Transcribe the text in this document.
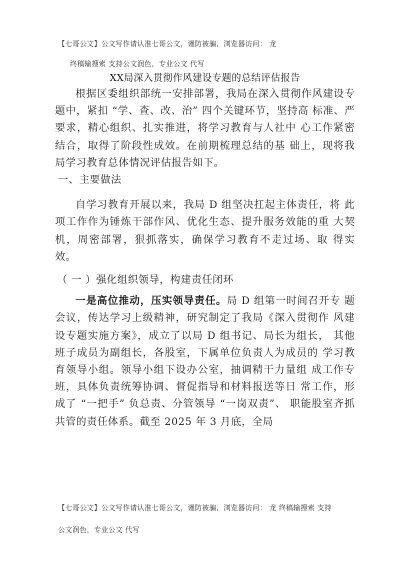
【七哥公文】公文写作请认准七哥公文，谨防被骗，浏览器访问： 龙
终稿输搜索 支持公文润色，专业公文 代写
XX局深入贯彻作风建设专题的总结评估报告

根据区委组织部统一安排部署，我局在深入贯彻作风建设专题中，紧扣 “学、查、改、治” 四个关键环节，坚持高 标准、严要求，精心组织、扎实推进，将学习教育与人社中 心工作紧密结合，取得了阶段性成效。在前期梳理总结的基 础上，现将我局学习教育总体情况评估报告如下。

一、主要做法

自学习教育开展以来，我局 D 组坚决扛起主体责任，将 此项工作作为锤炼干部作风、优化生态、提升服务效能的重 大契机，周密部署，狠抓落实，确保学习教育不走过场、取 得实效。

（ 一 ）强化组织领导，构建责任闭环

一是高位推动，压实领导责任。局 D 组第一时间召开专 题会议，传达学习上级精神，研究制定了我局《深入贯彻作 风建设专题实施方案》，成立了以局 D 组书记、局长为组长， 其他班子成员为副组长，各股室，下属单位负责人为成员的 学习教育领导小组。领导小组下设办公室，抽调精干力量组 成工作专班，具体负责统筹协调、督促指导和材料报送等日 常工作，形成了 “一把手” 负总责、分管领导 “一岗双责”、 职能股室齐抓共管的责任体系。截至 2025 年 3 月底，全局

【七哥公文】公文写作请认准七哥公文，谨防被骗，浏览器访问： 龙 终稿输搜索 支持
公文润色，专业公文 代写
